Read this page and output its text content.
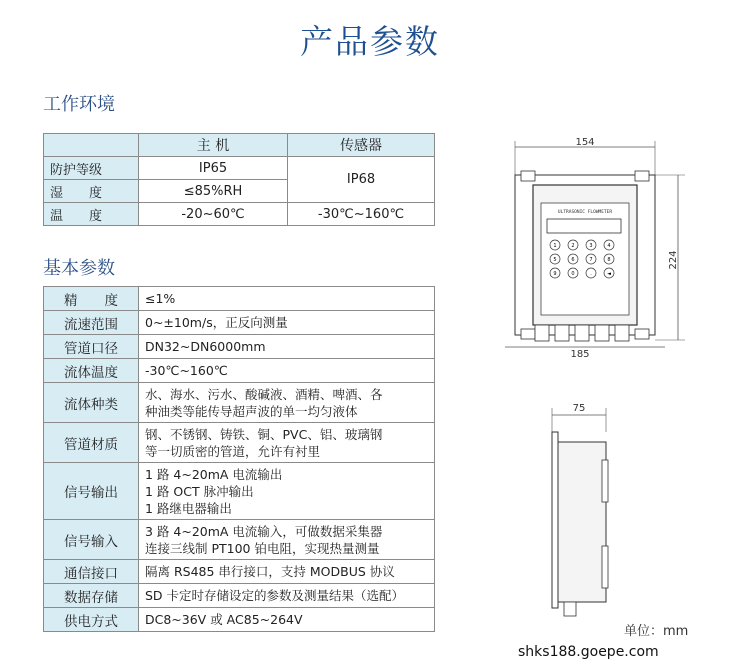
产品参数
工作环境
	主 机	传感器
防护等级	IP65	IP68
湿　　度	≤85%RH	
温　　度	-20~60℃	-30℃~160℃
基本参数
精　　度	≤1%

流速范围	0~±10m/s，正反向测量

管道口径	DN32~DN6000mm

流体温度	-30℃~160℃

流体种类	水、海水、污水、酸碱液、酒精、啤酒、各
种油类等能传导超声波的单一均匀液体

管道材质	钢、不锈钢、铸铁、铜、PVC、铝、玻璃钢
等一切质密的管道，允许有衬里

信号输出	1 路 4~20mA 电流输出
1 路 OCT 脉冲输出
1 路继电器输出

信号输入	3 路 4~20mA 电流输入，可做数据采集器
连接三线制 PT100 铂电阻，实现热量测量

通信接口	隔离 RS485 串行接口，支持 MODBUS 协议

数据存储	SD 卡定时存储设定的参数及测量结果（选配）

供电方式	DC8~36V 或 AC85~264V
154
224
ULTRASONIC FLOWMETER
1	2	3	4
5	6	7	8
9	0	.	◄
185
75
单位：mm
shks188.goepe.com
